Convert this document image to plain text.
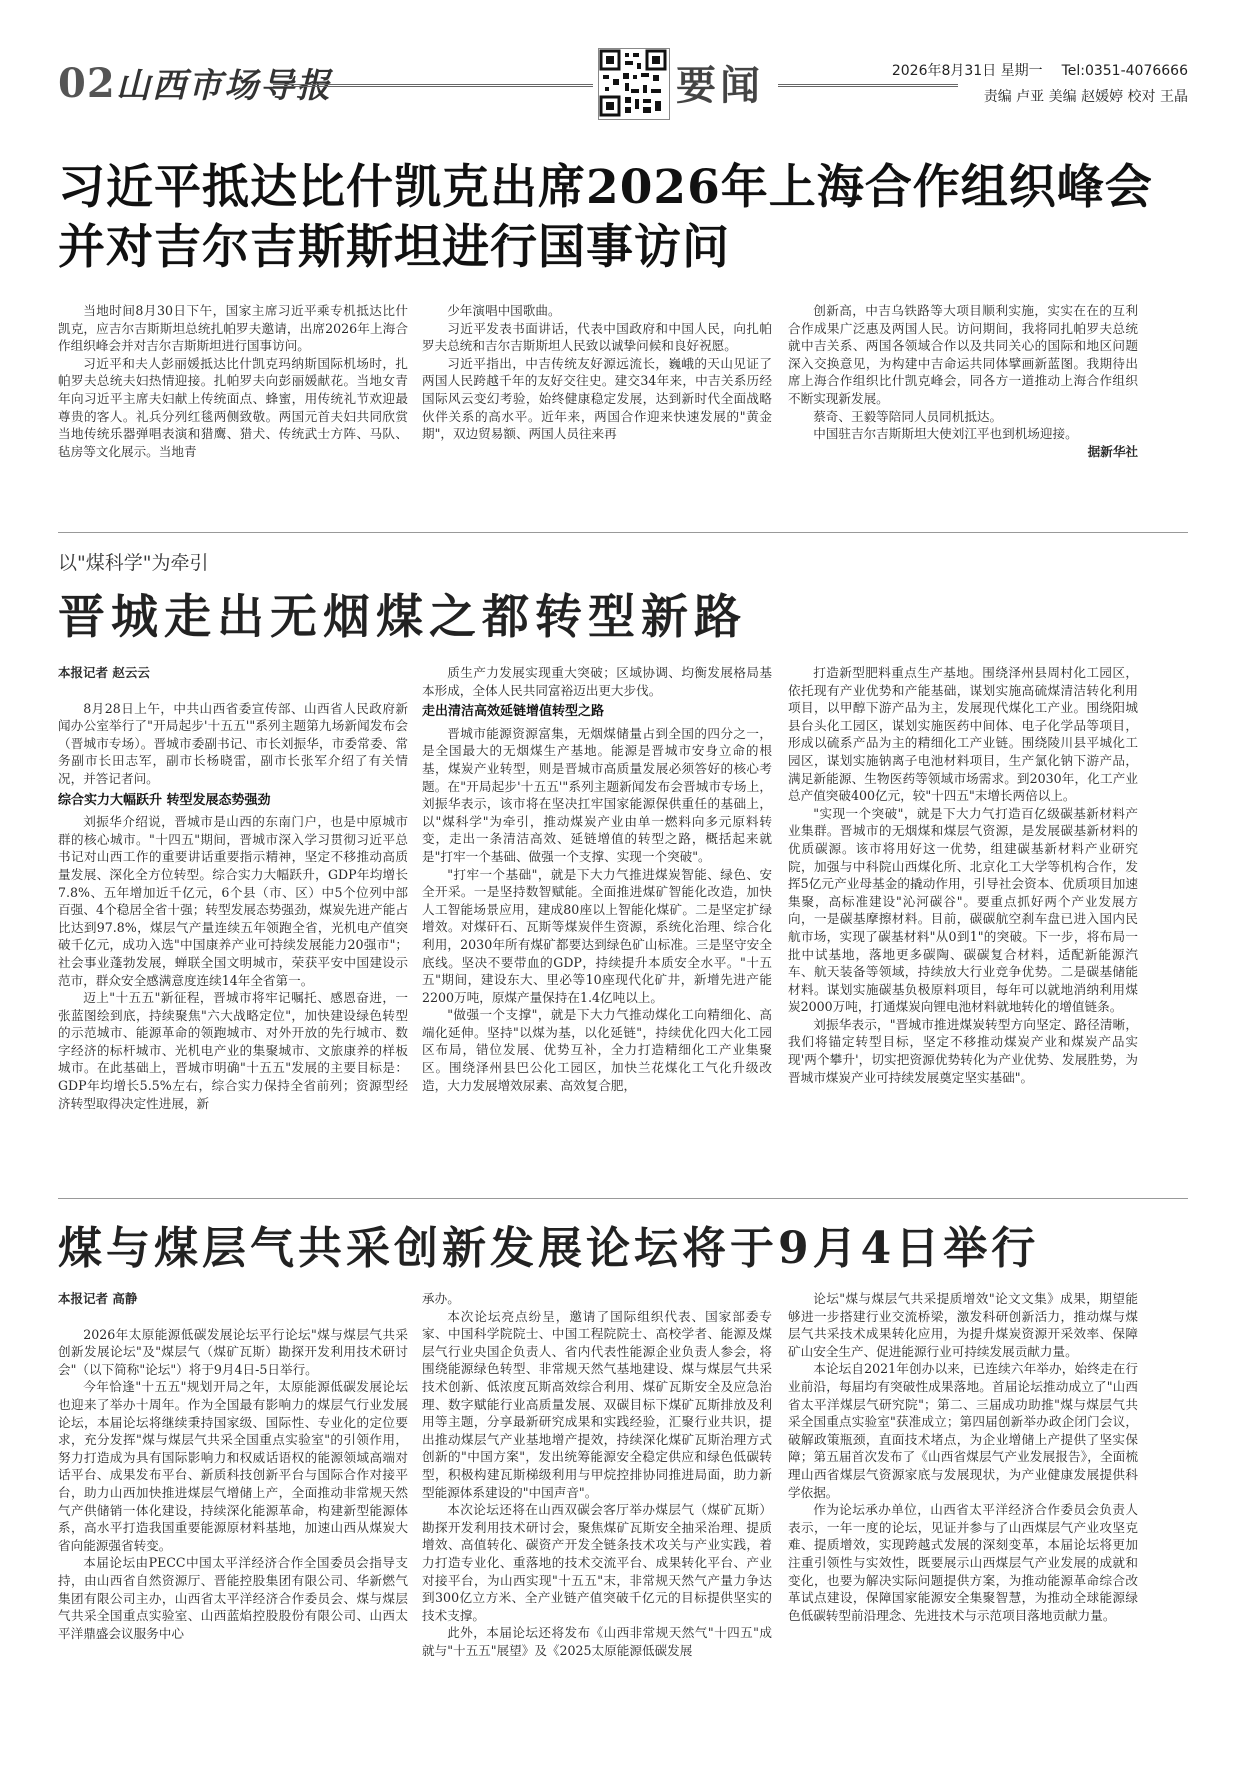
02 山西市场导报	要闻	2026年8月31日 星期一 Tel:0351-4076666
责编 卢亚 美编 赵媛婷 校对 王晶
习近平抵达比什凯克出席2026年上海合作组织峰会
并对吉尔吉斯斯坦进行国事访问

当地时间8月30日下午，国家主席习近平乘专机抵达比什凯克，应吉尔吉斯斯坦总统扎帕罗夫邀请，出席2026年上海合作组织峰会并对吉尔吉斯斯坦进行国事访问。

习近平和夫人彭丽媛抵达比什凯克玛纳斯国际机场时，扎帕罗夫总统夫妇热情迎接。扎帕罗夫向彭丽媛献花。当地女青年向习近平主席夫妇献上传统面点、蜂蜜，用传统礼节欢迎最尊贵的客人。礼兵分列红毯两侧致敬。两国元首夫妇共同欣赏当地传统乐器弹唱表演和猎鹰、猎犬、传统武士方阵、马队、毡房等文化展示。当地青

少年演唱中国歌曲。

习近平发表书面讲话，代表中国政府和中国人民，向扎帕罗夫总统和吉尔吉斯斯坦人民致以诚挚问候和良好祝愿。

习近平指出，中吉传统友好源远流长，巍峨的天山见证了两国人民跨越千年的友好交往史。建交34年来，中吉关系历经国际风云变幻考验，始终健康稳定发展，达到新时代全面战略伙伴关系的高水平。近年来，两国合作迎来快速发展的"黄金期"，双边贸易额、两国人员往来再

创新高，中吉乌铁路等大项目顺利实施，实实在在的互利合作成果广泛惠及两国人民。访问期间，我将同扎帕罗夫总统就中吉关系、两国各领域合作以及共同关心的国际和地区问题深入交换意见，为构建中吉命运共同体擘画新蓝图。我期待出席上海合作组织比什凯克峰会，同各方一道推动上海合作组织不断实现新发展。

蔡奇、王毅等陪同人员同机抵达。

中国驻吉尔吉斯斯坦大使刘江平也到机场迎接。

据新华社

以"煤科学"为牵引
晋城走出无烟煤之都转型新路

本报记者 赵云云

8月28日上午，中共山西省委宣传部、山西省人民政府新闻办公室举行了"开局起步'十五五'"系列主题第九场新闻发布会（晋城市专场）。晋城市委副书记、市长刘振华，市委常委、常务副市长田志军，副市长杨晓雷，副市长张军介绍了有关情况，并答记者问。

综合实力大幅跃升 转型发展态势强劲

刘振华介绍说，晋城市是山西的东南门户，也是中原城市群的核心城市。"十四五"期间，晋城市深入学习贯彻习近平总书记对山西工作的重要讲话重要指示精神，坚定不移推动高质量发展、深化全方位转型。综合实力大幅跃升，GDP年均增长7.8%、五年增加近千亿元，6个县（市、区）中5个位列中部百强、4个稳居全省十强；转型发展态势强劲，煤炭先进产能占比达到97.8%，煤层气产量连续五年领跑全省，光机电产值突破千亿元，成功入选"中国康养产业可持续发展能力20强市"；社会事业蓬勃发展，蝉联全国文明城市，荣获平安中国建设示范市，群众安全感满意度连续14年全省第一。

迈上"十五五"新征程，晋城市将牢记嘱托、感恩奋进，一张蓝图绘到底，持续聚焦"六大战略定位"，加快建设绿色转型的示范城市、能源革命的领跑城市、对外开放的先行城市、数字经济的标杆城市、光机电产业的集聚城市、文旅康养的样板城市。在此基础上，晋城市明确"十五五"发展的主要目标是：GDP年均增长5.5%左右，综合实力保持全省前列；资源型经济转型取得决定性进展，新

质生产力发展实现重大突破；区域协调、均衡发展格局基本形成，全体人民共同富裕迈出更大步伐。

走出清洁高效延链增值转型之路

晋城市能源资源富集，无烟煤储量占到全国的四分之一，是全国最大的无烟煤生产基地。能源是晋城市安身立命的根基，煤炭产业转型，则是晋城市高质量发展必须答好的核心考题。在"开局起步'十五五'"系列主题新闻发布会晋城市专场上，刘振华表示，该市将在坚决扛牢国家能源保供重任的基础上，以"煤科学"为牵引，推动煤炭产业由单一燃料向多元原料转变，走出一条清洁高效、延链增值的转型之路，概括起来就是"打牢一个基础、做强一个支撑、实现一个突破"。

"打牢一个基础"，就是下大力气推进煤炭智能、绿色、安全开采。一是坚持数智赋能。全面推进煤矿智能化改造，加快人工智能场景应用，建成80座以上智能化煤矿。二是坚定扩绿增效。对煤矸石、瓦斯等煤炭伴生资源，系统化治理、综合化利用，2030年所有煤矿都要达到绿色矿山标准。三是坚守安全底线。坚决不要带血的GDP，持续提升本质安全水平。"十五五"期间，建设东大、里必等10座现代化矿井，新增先进产能2200万吨，原煤产量保持在1.4亿吨以上。

"做强一个支撑"，就是下大力气推动煤化工向精细化、高端化延伸。坚持"以煤为基，以化延链"，持续优化四大化工园区布局，错位发展、优势互补，全力打造精细化工产业集聚区。围绕泽州县巴公化工园区，加快兰花煤化工气化升级改造，大力发展增效尿素、高效复合肥，

打造新型肥料重点生产基地。围绕泽州县周村化工园区，依托现有产业优势和产能基础，谋划实施高硫煤清洁转化利用项目，以甲醇下游产品为主，发展现代煤化工产业。围绕阳城县台头化工园区，谋划实施医药中间体、电子化学品等项目，形成以硫系产品为主的精细化工产业链。围绕陵川县平城化工园区，谋划实施钠离子电池材料项目，生产氯化钠下游产品，满足新能源、生物医药等领域市场需求。到2030年，化工产业总产值突破400亿元，较"十四五"末增长两倍以上。

"实现一个突破"，就是下大力气打造百亿级碳基新材料产业集群。晋城市的无烟煤和煤层气资源，是发展碳基新材料的优质碳源。该市将用好这一优势，组建碳基新材料产业研究院，加强与中科院山西煤化所、北京化工大学等机构合作，发挥5亿元产业母基金的撬动作用，引导社会资本、优质项目加速集聚，高标准建设"沁河碳谷"。要重点抓好两个产业发展方向，一是碳基摩擦材料。目前，碳碳航空刹车盘已进入国内民航市场，实现了碳基材料"从0到1"的突破。下一步，将布局一批中试基地，落地更多碳陶、碳碳复合材料，适配新能源汽车、航天装备等领域，持续放大行业竞争优势。二是碳基储能材料。谋划实施碳基负极原料项目，每年可以就地消纳利用煤炭2000万吨，打通煤炭向锂电池材料就地转化的增值链条。

刘振华表示，"晋城市推进煤炭转型方向坚定、路径清晰，我们将锚定转型目标，坚定不移推动煤炭产业和煤炭产品实现'两个攀升'，切实把资源优势转化为产业优势、发展胜势，为晋城市煤炭产业可持续发展奠定坚实基础"。

煤与煤层气共采创新发展论坛将于9月4日举行

本报记者 高静

2026年太原能源低碳发展论坛平行论坛"煤与煤层气共采创新发展论坛"及"煤层气（煤矿瓦斯）勘探开发利用技术研讨会"（以下简称"论坛"）将于9月4日-5日举行。

今年恰逢"十五五"规划开局之年，太原能源低碳发展论坛也迎来了举办十周年。作为全国最有影响力的煤层气行业发展论坛，本届论坛将继续秉持国家级、国际性、专业化的定位要求，充分发挥"煤与煤层气共采全国重点实验室"的引领作用，努力打造成为具有国际影响力和权威话语权的能源领域高端对话平台、成果发布平台、新质科技创新平台与国际合作对接平台，助力山西加快推进煤层气增储上产，全面推动非常规天然气产供储销一体化建设，持续深化能源革命，构建新型能源体系，高水平打造我国重要能源原材料基地，加速山西从煤炭大省向能源强省转变。

本届论坛由PECC中国太平洋经济合作全国委员会指导支持，由山西省自然资源厅、晋能控股集团有限公司、华新燃气集团有限公司主办，山西省太平洋经济合作委员会、煤与煤层气共采全国重点实验室、山西蓝焰控股股份有限公司、山西太平洋鼎盛会议服务中心

承办。

本次论坛亮点纷呈，邀请了国际组织代表、国家部委专家、中国科学院院士、中国工程院院士、高校学者、能源及煤层气行业央国企负责人、省内代表性能源企业负责人参会，将围绕能源绿色转型、非常规天然气基地建设、煤与煤层气共采技术创新、低浓度瓦斯高效综合利用、煤矿瓦斯安全及应急治理、数字赋能行业高质量发展、双碳目标下煤矿瓦斯排放及利用等主题，分享最新研究成果和实践经验，汇聚行业共识，提出推动煤层气产业基地增产提效，持续深化煤矿瓦斯治理方式创新的"中国方案"，发出统筹能源安全稳定供应和绿色低碳转型，积极构建瓦斯梯级利用与甲烷控排协同推进局面，助力新型能源体系建设的"中国声音"。

本次论坛还将在山西双碳会客厅举办煤层气（煤矿瓦斯）勘探开发利用技术研讨会，聚焦煤矿瓦斯安全抽采治理、提质增效、高值转化、碳资产开发全链条技术攻关与产业实践，着力打造专业化、重落地的技术交流平台、成果转化平台、产业对接平台，为山西实现"十五五"末，非常规天然气产量力争达到300亿立方米、全产业链产值突破千亿元的目标提供坚实的技术支撑。

此外，本届论坛还将发布《山西非常规天然气"十四五"成就与"十五五"展望》及《2025太原能源低碳发展

论坛"煤与煤层气共采提质增效"论文文集》成果，期望能够进一步搭建行业交流桥梁，激发科研创新活力，推动煤与煤层气共采技术成果转化应用，为提升煤炭资源开采效率、保障矿山安全生产、促进能源行业可持续发展贡献力量。

本论坛自2021年创办以来，已连续六年举办，始终走在行业前沿，每届均有突破性成果落地。首届论坛推动成立了"山西省太平洋煤层气研究院"；第二、三届成功助推"煤与煤层气共采全国重点实验室"获准成立；第四届创新举办政企闭门会议，破解政策瓶颈，直面技术堵点，为企业增储上产提供了坚实保障；第五届首次发布了《山西省煤层气产业发展报告》，全面梳理山西省煤层气资源家底与发展现状，为产业健康发展提供科学依据。

作为论坛承办单位，山西省太平洋经济合作委员会负责人表示，一年一度的论坛，见证并参与了山西煤层气产业攻坚克难、提质增效，实现跨越式发展的深刻变革，本届论坛将更加注重引领性与实效性，既要展示山西煤层气产业发展的成就和变化，也要为解决实际问题提供方案，为推动能源革命综合改革试点建设，保障国家能源安全集聚智慧，为推动全球能源绿色低碳转型前沿理念、先进技术与示范项目落地贡献力量。
